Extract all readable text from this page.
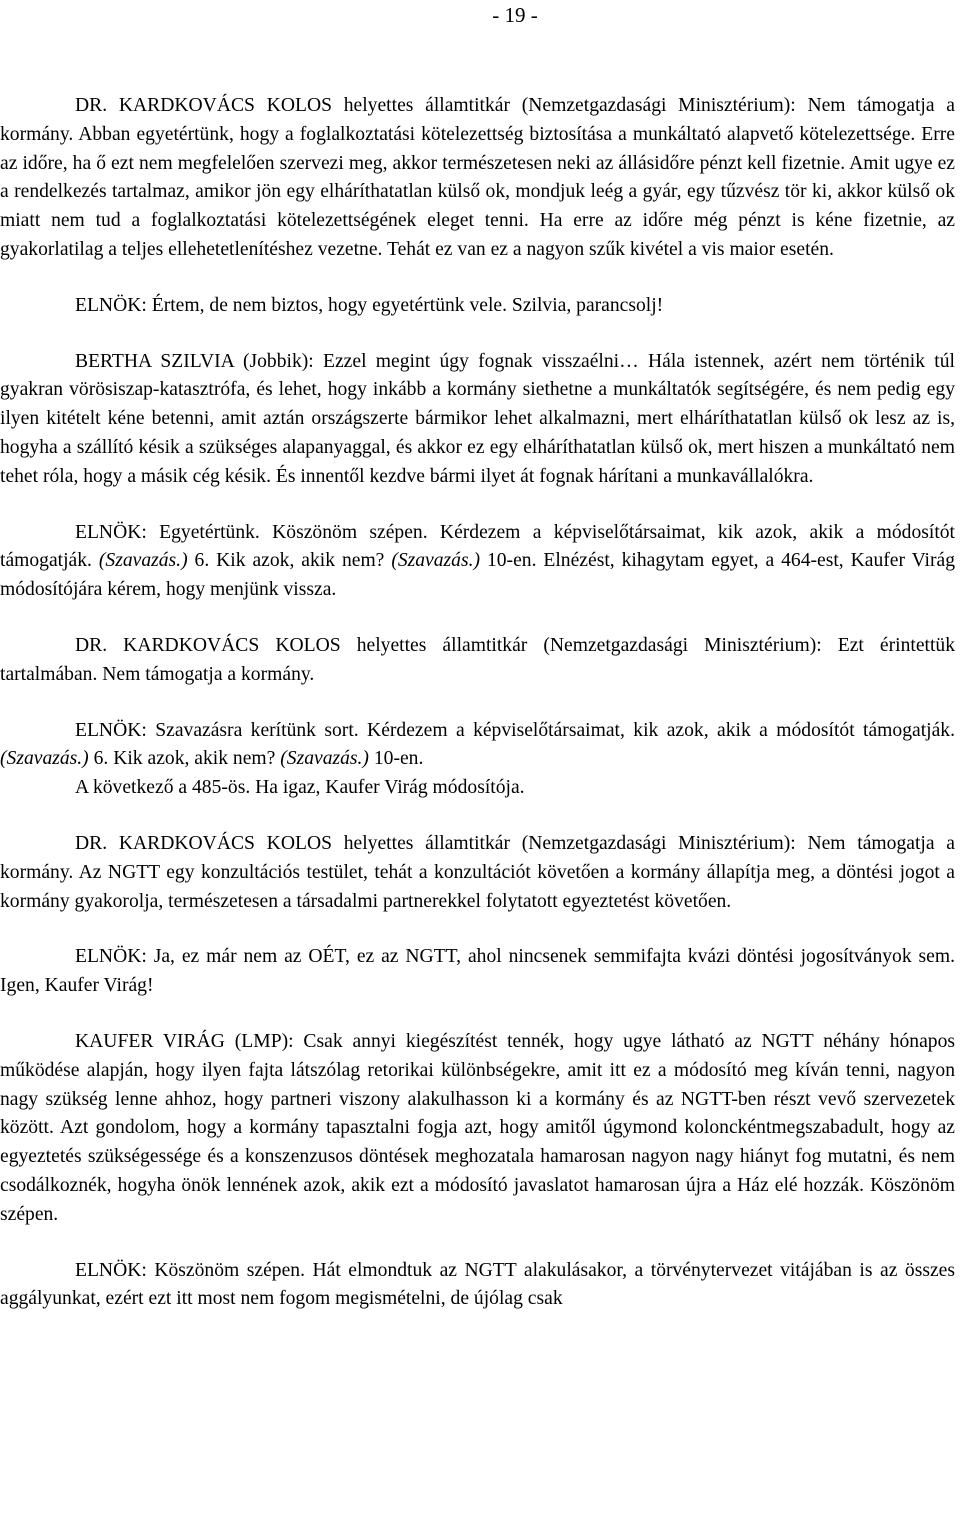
- 19 -

DR. KARDKOVÁCS KOLOS helyettes államtitkár (Nemzetgazdasági Minisztérium): Nem támogatja a kormány. Abban egyetértünk, hogy a foglalkoztatási kötelezettség biztosítása a munkáltató alapvető kötelezettsége. Erre az időre, ha ő ezt nem megfelelően szervezi meg, akkor természetesen neki az állásidőre pénzt kell fizetnie. Amit ugye ez a rendelkezés tartalmaz, amikor jön egy elháríthatatlan külső ok, mondjuk leég a gyár, egy tűzvész tör ki, akkor külső ok miatt nem tud a foglalkoztatási kötelezettségének eleget tenni. Ha erre az időre még pénzt is kéne fizetnie, az gyakorlatilag a teljes ellehetetlenítéshez vezetne. Tehát ez van ez a nagyon szűk kivétel a vis maior esetén.

ELNÖK: Értem, de nem biztos, hogy egyetértünk vele. Szilvia, parancsolj!

BERTHA SZILVIA (Jobbik): Ezzel megint úgy fognak visszaélni… Hála istennek, azért nem történik túl gyakran vörösiszap-katasztrófa, és lehet, hogy inkább a kormány siethetne a munkáltatók segítségére, és nem pedig egy ilyen kitételt kéne betenni, amit aztán országszerte bármikor lehet alkalmazni, mert elháríthatatlan külső ok lesz az is, hogyha a szállító késik a szükséges alapanyaggal, és akkor ez egy elháríthatatlan külső ok, mert hiszen a munkáltató nem tehet róla, hogy a másik cég késik. És innentől kezdve bármi ilyet át fognak hárítani a munkavállalókra.

ELNÖK: Egyetértünk. Köszönöm szépen. Kérdezem a képviselőtársaimat, kik azok, akik a módosítót támogatják. (Szavazás.) 6. Kik azok, akik nem? (Szavazás.) 10-en. Elnézést, kihagytam egyet, a 464-est, Kaufer Virág módosítójára kérem, hogy menjünk vissza.

DR. KARDKOVÁCS KOLOS helyettes államtitkár (Nemzetgazdasági Minisztérium): Ezt érintettük tartalmában. Nem támogatja a kormány.

ELNÖK: Szavazásra kerítünk sort. Kérdezem a képviselőtársaimat, kik azok, akik a módosítót támogatják. (Szavazás.) 6. Kik azok, akik nem? (Szavazás.) 10-en.

A következő a 485-ös. Ha igaz, Kaufer Virág módosítója.

DR. KARDKOVÁCS KOLOS helyettes államtitkár (Nemzetgazdasági Minisztérium): Nem támogatja a kormány. Az NGTT egy konzultációs testület, tehát a konzultációt követően a kormány állapítja meg, a döntési jogot a kormány gyakorolja, természetesen a társadalmi partnerekkel folytatott egyeztetést követően.

ELNÖK: Ja, ez már nem az OÉT, ez az NGTT, ahol nincsenek semmifajta kvázi döntési jogosítványok sem. Igen, Kaufer Virág!

KAUFER VIRÁG (LMP): Csak annyi kiegészítést tennék, hogy ugye látható az NGTT néhány hónapos működése alapján, hogy ilyen fajta látszólag retorikai különbségekre, amit itt ez a módosító meg kíván tenni, nagyon nagy szükség lenne ahhoz, hogy partneri viszony alakulhasson ki a kormány és az NGTT-ben részt vevő szervezetek között. Azt gondolom, hogy a kormány tapasztalni fogja azt, hogy amitől úgymond kolonckéntmegszabadult, hogy az egyeztetés szükségessége és a konszenzusos döntések meghozatala hamarosan nagyon nagy hiányt fog mutatni, és nem csodálkoznék, hogyha önök lennének azok, akik ezt a módosító javaslatot hamarosan újra a Ház elé hozzák. Köszönöm szépen.

ELNÖK: Köszönöm szépen. Hát elmondtuk az NGTT alakulásakor, a törvénytervezet vitájában is az összes aggályunkat, ezért ezt itt most nem fogom megismételni, de újólag csak
